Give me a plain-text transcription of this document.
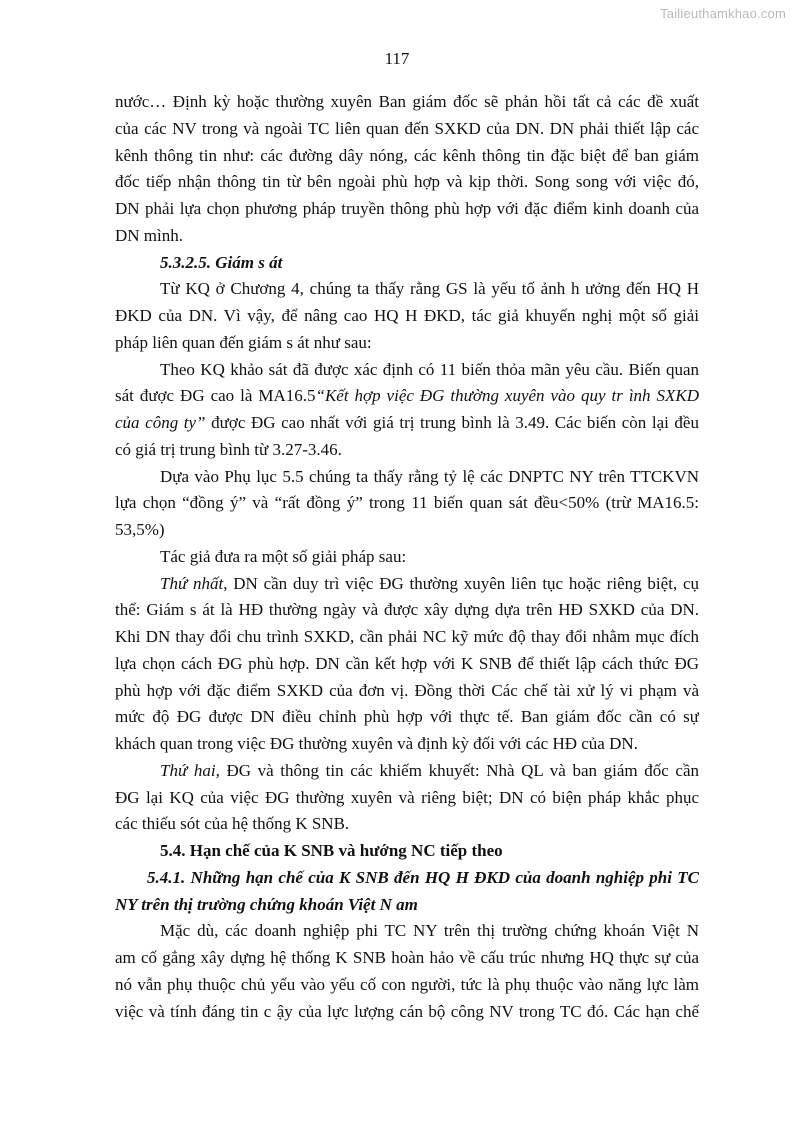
Tailieuthamkhao.com
117
nước… Định kỳ hoặc thường xuyên Ban giám đốc sẽ phản hồi tất cả các đề xuất
của các NV trong và ngoài TC liên quan đến SXKD của DN. DN phải thiết lập các
kênh thông tin như: các đường dây nóng, các kênh thông tin đặc biệt để ban giám
đốc tiếp nhận thông tin từ bên ngoài phù hợp và kịp thời. Song song với việc đó,
DN phải lựa chọn phương pháp truyền thông phù hợp với đặc điểm kinh doanh của
DN mình.
5.3.2.5. Giám s át
Từ KQ ở Chương 4, chúng ta thấy rằng GS là yếu tố ảnh h ưởng đến HQ H
ĐKD của DN. Vì vậy, để nâng cao HQ H ĐKD, tác giả khuyến nghị một số giải
pháp liên quan đến giám s át như sau:
Theo KQ khảo sát đã được xác định có 11 biến thỏa mãn yêu cầu. Biến quan
sát được ĐG cao là MA16.5“Kết hợp việc ĐG thường xuyên vào quy tr ình SXKD
của công ty” được ĐG cao nhất với giá trị trung bình là 3.49. Các biến còn lại đều
có giá trị trung bình từ 3.27-3.46.
Dựa vào Phụ lục 5.5 chúng ta thấy rằng tỷ lệ các DNPTC NY trên TTCKVN
lựa chọn “đồng ý” và “rất đồng ý” trong 11 biến quan sát đều<50% (trừ MA16.5:
53,5%)
Tác giả đưa ra một số giải pháp sau:
Thứ nhất, DN cần duy trì việc ĐG thường xuyên liên tục hoặc riêng biệt, cụ
thể: Giám s át là HĐ thường ngày và được xây dựng dựa trên HĐ SXKD của DN.
Khi DN thay đổi chu trình SXKD, cần phải NC kỹ mức độ thay đổi nhằm mục đích
lựa chọn cách ĐG phù hợp. DN cần kết hợp với K SNB để thiết lập cách thức ĐG
phù hợp với đặc điểm SXKD của đơn vị. Đồng thời Các chế tài xử lý vi phạm và
mức độ ĐG được DN điều chỉnh phù hợp với thực tế. Ban giám đốc cần có sự
khách quan trong việc ĐG thường xuyên và định kỳ đối với các HĐ của DN.
Thứ hai, ĐG và thông tin các khiếm khuyết: Nhà QL và ban giám đốc cần
ĐG lại KQ của việc ĐG thường xuyên và riêng biệt; DN có biện pháp khắc phục
các thiếu sót của hệ thống K SNB.
5.4. Hạn chế của K SNB và hướng NC tiếp theo
5.4.1. Những hạn chế của K SNB đến HQ H ĐKD của doanh nghiệp phi TC
NY trên thị trường chứng khoán Việt N am
Mặc dù, các doanh nghiệp phi TC NY trên thị trường chứng khoán Việt N
am cố gắng xây dựng hệ thống K SNB hoàn hảo về cấu trúc nhưng HQ thực sự của
nó vẫn phụ thuộc chủ yếu vào yếu cố con người, tức là phụ thuộc vào năng lực làm
việc và tính đáng tin c ậy của lực lượng cán bộ công NV trong TC đó. Các hạn chế
